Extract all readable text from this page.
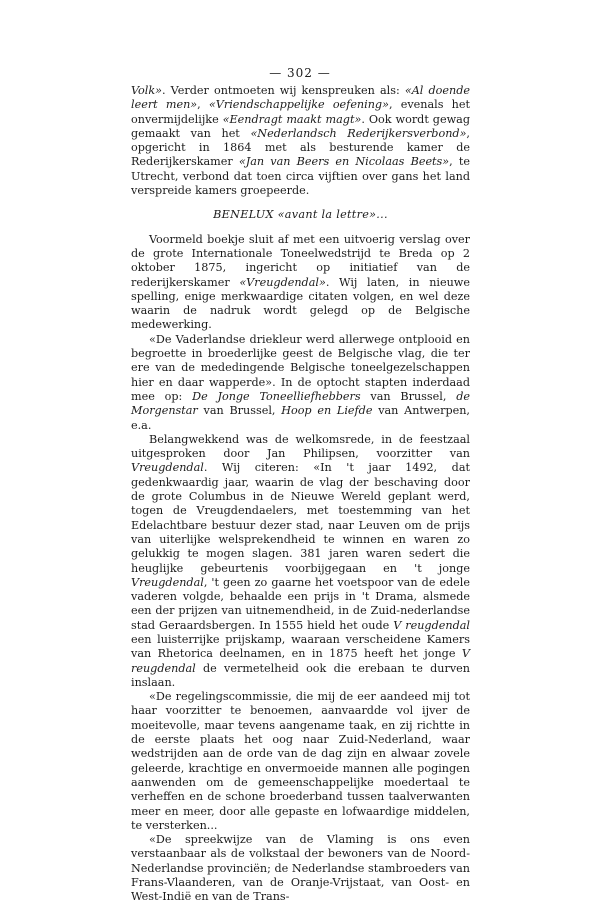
— 302 —

Volk». Verder ontmoeten wij kenspreuken als: «Al doende leert men», «Vriendschappelijke oefening», evenals het onvermijdelijke «Eendragt maakt magt». Ook wordt gewag gemaakt van het «Nederlandsch Rederijkersverbond», opgericht in 1864 met als besturende kamer de Rederijkerskamer «Jan van Beers en Nicolaas Beets», te Utrecht, verbond dat toen circa vijftien over gans het land verspreide kamers groepeerde.

BENELUX «avant la lettre»...

Voormeld boekje sluit af met een uitvoerig verslag over de grote Internationale Toneelwedstrijd te Breda op 2 oktober 1875, ingericht op initiatief van de rederijkerskamer «Vreugdendal». Wij laten, in nieuwe spelling, enige merkwaardige citaten volgen, en wel deze waarin de nadruk wordt gelegd op de Belgische medewerking.

«De Vaderlandse driekleur werd allerwege ontplooid en begroette in broederlijke geest de Belgische vlag, die ter ere van de mededingende Belgische toneelgezelschappen hier en daar wapperde». In de optocht stapten inderdaad mee op: De Jonge Toneelliefhebbers van Brussel, de Morgenstar van Brussel, Hoop en Liefde van Antwerpen, e.a.

Belangwekkend was de welkomsrede, in de feestzaal uitgesproken door Jan Philipsen, voorzitter van Vreugdendal. Wij citeren: «In 't jaar 1492, dat gedenkwaardig jaar, waarin de vlag der beschaving door de grote Columbus in de Nieuwe Wereld geplant werd, togen de Vreugdendaelers, met toestemming van het Edelachtbare bestuur dezer stad, naar Leuven om de prijs van uiterlijke welsprekendheid te winnen en waren zo gelukkig te mogen slagen. 381 jaren waren sedert die heuglijke gebeurtenis voorbijgegaan en 't jonge Vreugdendal, 't geen zo gaarne het voetspoor van de edele vaderen volgde, behaalde een prijs in 't Drama, alsmede een der prijzen van uitnemendheid, in de Zuid-nederlandse stad Geraardsbergen. In 1555 hield het oude V reugdendal een luisterrijke prijskamp, waaraan verscheidene Kamers van Rhetorica deelnamen, en in 1875 heeft het jonge V reugdendal de vermetelheid ook die erebaan te durven inslaan.

«De regelingscommissie, die mij de eer aandeed mij tot haar voorzitter te benoemen, aanvaardde vol ijver de moeitevolle, maar tevens aangename taak, en zij richtte in de eerste plaats het oog naar Zuid-Nederland, waar wedstrijden aan de orde van de dag zijn en alwaar zovele geleerde, krachtige en onvermoeide mannen alle pogingen aanwenden om de gemeenschappelijke moedertaal te verheffen en de schone broederband tussen taalverwanten meer en meer, door alle gepaste en lofwaardige middelen, te versterken...

«De spreekwijze van de Vlaming is ons even verstaanbaar als de volkstaal der bewoners van de Noord-Nederlandse provinciën; de Nederlandse stambroeders van Frans-Vlaanderen, van de Oranje-Vrijstaat, van Oost- en West-Indië en van de Trans-
